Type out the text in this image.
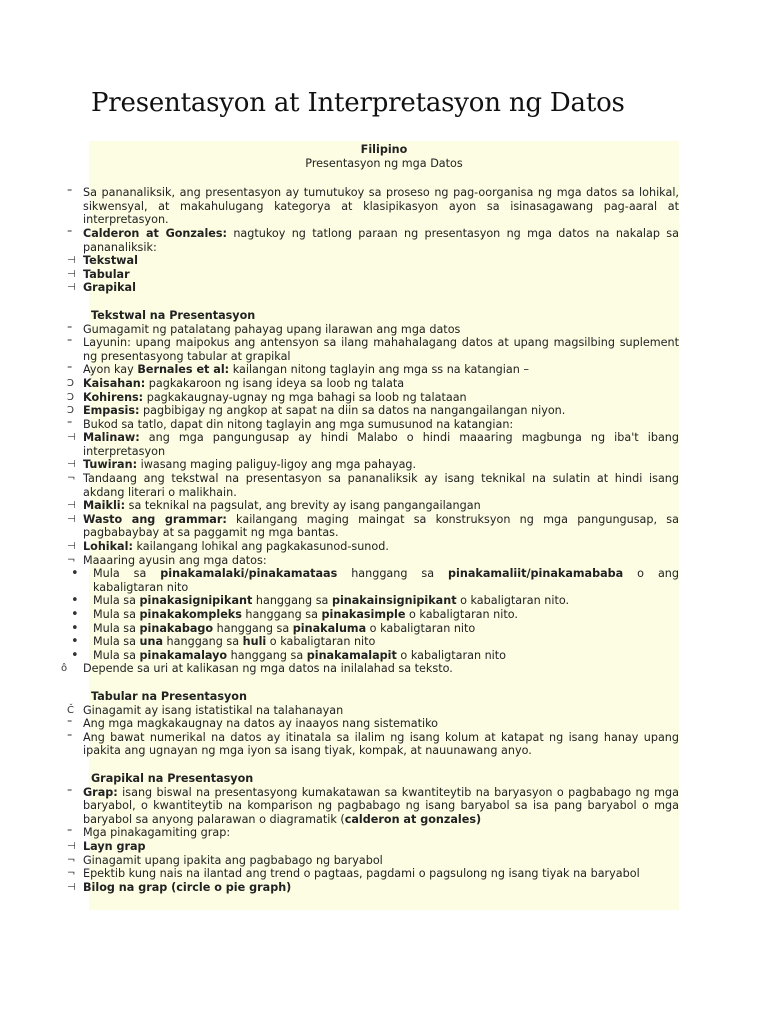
Presentasyon at Interpretasyon ng Datos
Filipino
Presentasyon ng mga Datos
⁼ Sa pananaliksik, ang presentasyon ay tumutukoy sa proseso ng pag-oorganisa ng mga datos sa lohikal, sikwensyal, at makahulugang kategorya at klasipikasyon ayon sa isinasagawang pag-aaral at interpretasyon.
⁼ Calderon at Gonzales: nagtukoy ng tatlong paraan ng presentasyon ng mga datos na nakalap sa pananaliksik:
⊣ Tekstwal
⊣ Tabular
⊣ Grapikal
Tekstwal na Presentasyon
⁼ Gumagamit ng patalatang pahayag upang ilarawan ang mga datos
⁼ Layunin: upang maipokus ang antensyon sa ilang mahahalagang datos at upang magsilbing suplement ng presentasyong tabular at grapikal
⁼ Ayon kay Bernales et al: kailangan nitong taglayin ang mga ss na katangian –
Ɔ Kaisahan: pagkakaroon ng isang ideya sa loob ng talata
Ɔ Kohirens: pagkakaugnay-ugnay ng mga bahagi sa loob ng talataan
Ɔ Empasis: pagbibigay ng angkop at sapat na diin sa datos na nangangailangan niyon.
⁼ Bukod sa tatlo, dapat din nitong taglayin ang mga sumusunod na katangian:
⊣ Malinaw: ang mga pangungusap ay hindi Malabo o hindi maaaring magbunga ng iba't ibang interpretasyon
⊣ Tuwiran: iwasang maging paliguy-ligoy ang mga pahayag.
¬ Tandaang ang tekstwal na presentasyon sa pananaliksik ay isang teknikal na sulatin at hindi isang akdang literari o malikhain.
⊣ Maikli: sa teknikal na pagsulat, ang brevity ay isang pangangailangan
⊣ Wasto ang grammar: kailangang maging maingat sa konstruksyon ng mga pangungusap, sa pagbabaybay at sa paggamit ng mga bantas.
⊣ Lohikal: kailangang lohikal ang pagkakasunod-sunod.
¬ Maaaring ayusin ang mga datos:
•	Mula sa pinakamalaki/pinakamataas hanggang sa pinakamaliit/pinakamababa o ang kabaligtaran nito
•	Mula sa pinakasignipikant hanggang sa pinakainsignipikant o kabaligtaran nito.
•	Mula sa pinakakompleks hanggang sa pinakasimple o kabaligtaran nito.
•	Mula sa pinakabago hanggang sa pinakaluma o kabaligtaran nito
•	Mula sa una hanggang sa huli o kabaligtaran nito
•	Mula sa pinakamalayo hanggang sa pinakamalapit o kabaligtaran nito
ô	Depende sa uri at kalikasan ng mga datos na inilalahad sa teksto.
Tabular na Presentasyon
Č Ginagamit ay isang istatistikal na talahanayan
⁼ Ang mga magkakaugnay na datos ay inaayos nang sistematiko
⁼ Ang bawat numerikal na datos ay itinatala sa ilalim ng isang kolum at katapat ng isang hanay upang ipakita ang ugnayan ng mga iyon sa isang tiyak, kompak, at nauunawang anyo.
Grapikal na Presentasyon
⁼ Grap: isang biswal na presentasyong kumakatawan sa kwantiteytib na baryasyon o pagbabago ng mga baryabol, o kwantiteytib na komparison ng pagbabago ng isang baryabol sa isa pang baryabol o mga baryabol sa anyong palarawan o diagramatik (calderon at gonzales)
⁼ Mga pinakagamiting grap:
⊣ Layn grap
¬ Ginagamit upang ipakita ang pagbabago ng baryabol
¬ Epektib kung nais na ilantad ang trend o pagtaas, pagdami o pagsulong ng isang tiyak na baryabol
⊣ Bilog na grap (circle o pie graph)
